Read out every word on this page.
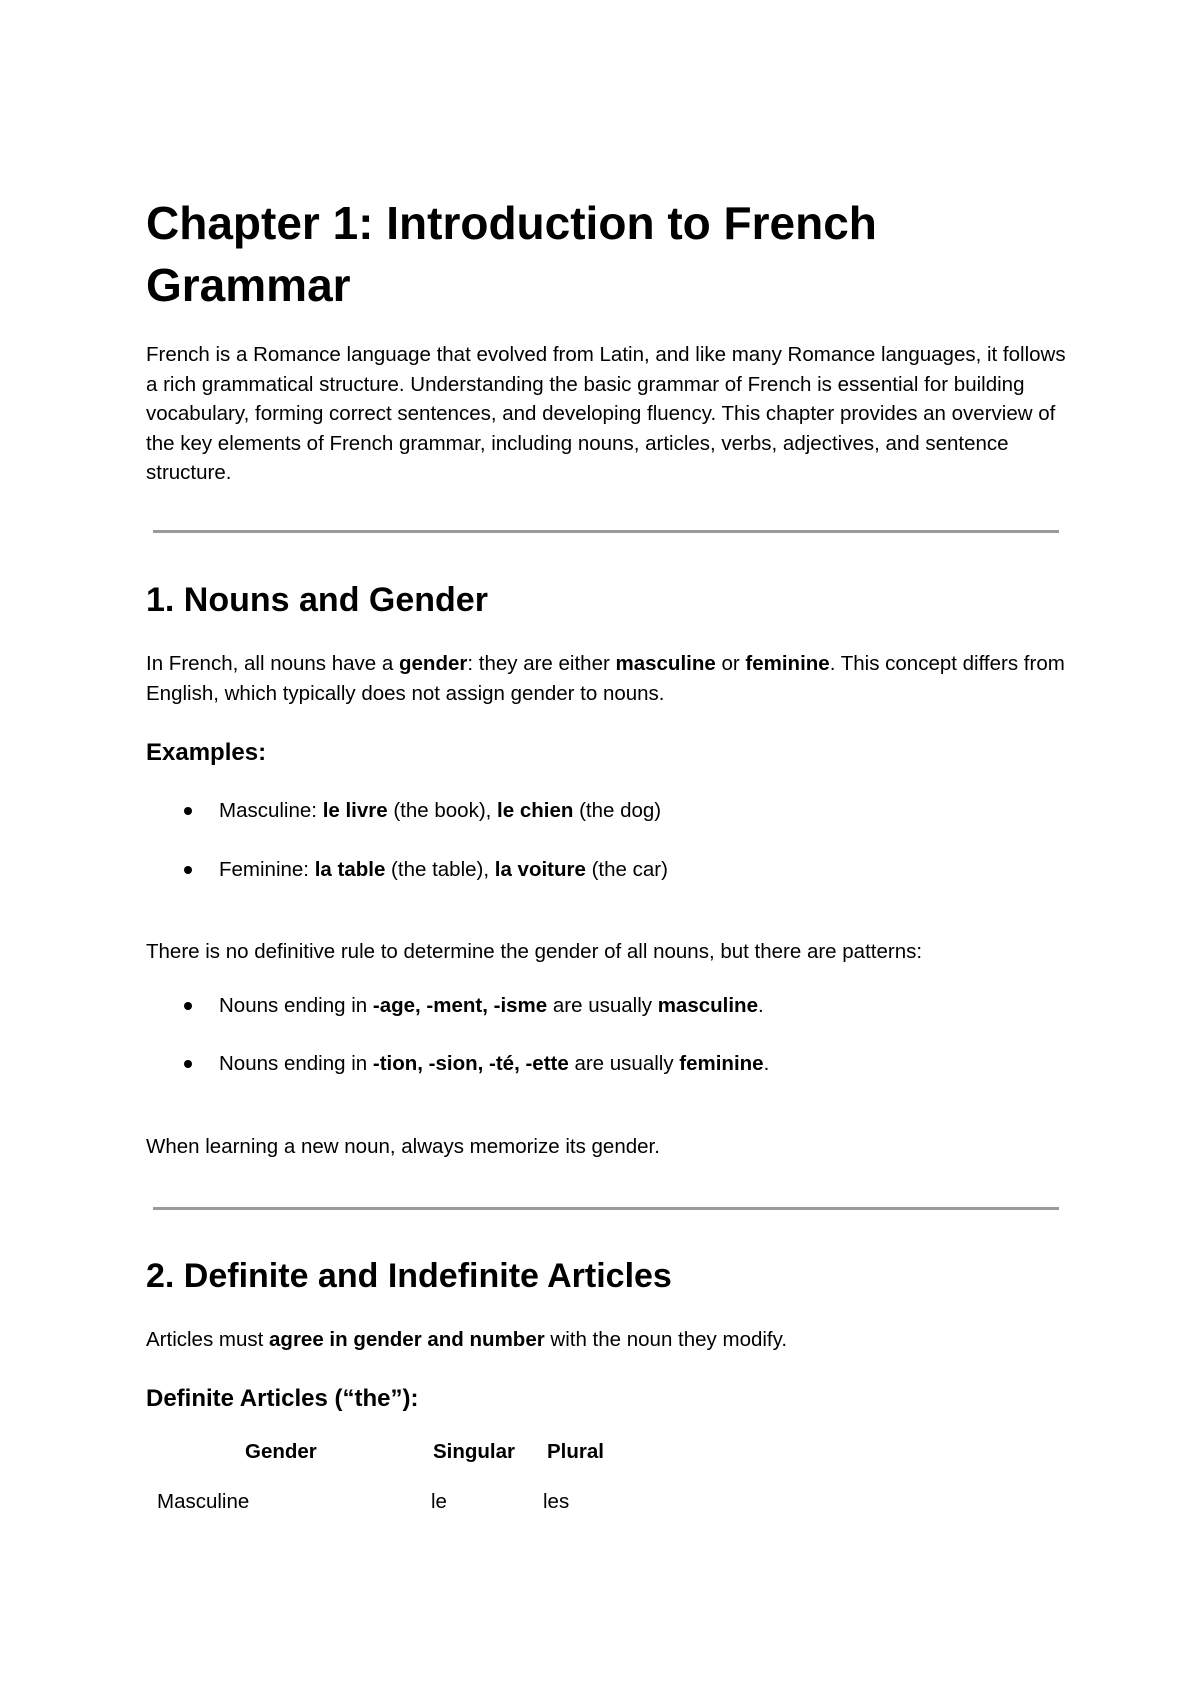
Chapter 1: Introduction to French Grammar

French is a Romance language that evolved from Latin, and like many Romance languages, it follows a rich grammatical structure. Understanding the basic grammar of French is essential for building vocabulary, forming correct sentences, and developing fluency. This chapter provides an overview of the key elements of French grammar, including nouns, articles, verbs, adjectives, and sentence structure.

1. Nouns and Gender

In French, all nouns have a gender: they are either masculine or feminine. This concept differs from English, which typically does not assign gender to nouns.

Examples:
Masculine: le livre (the book), le chien (the dog)
Feminine: la table (the table), la voiture (the car)

There is no definitive rule to determine the gender of all nouns, but there are patterns:

Nouns ending in -age, -ment, -isme are usually masculine.
Nouns ending in -tion, -sion, -té, -ette are usually feminine.

When learning a new noun, always memorize its gender.

2. Definite and Indefinite Articles

Articles must agree in gender and number with the noun they modify.

Definite Articles (“the”):
Gender	Singular Plural
Masculine	le	les
